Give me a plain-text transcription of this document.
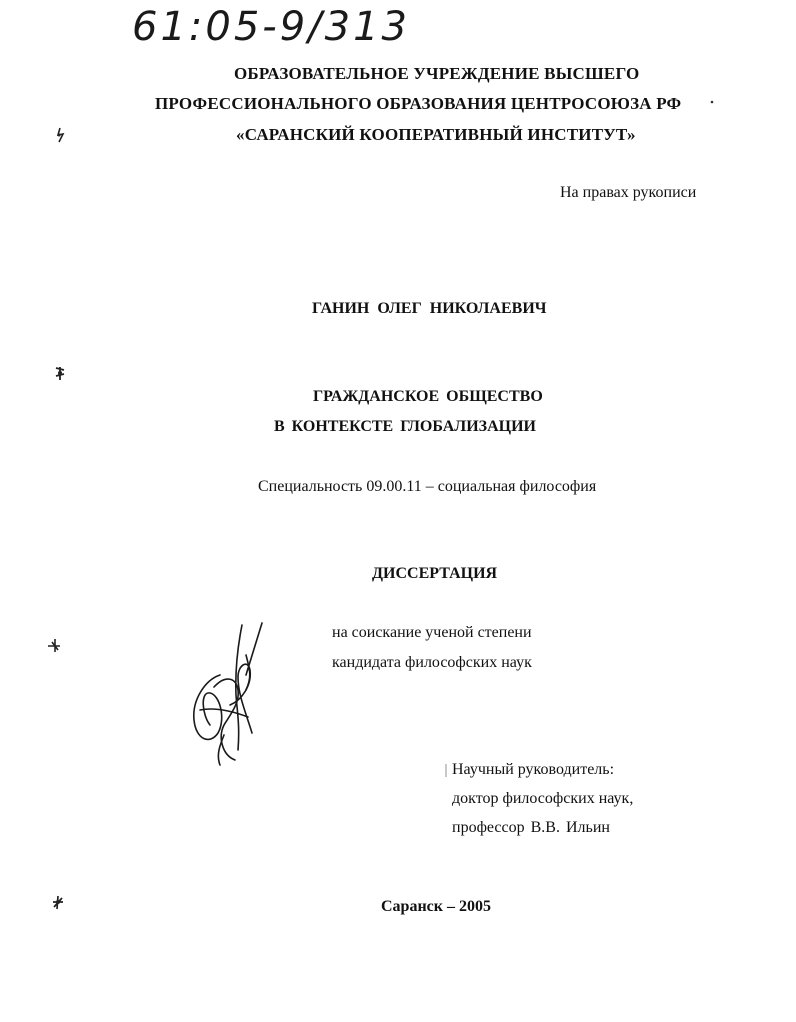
61:05-9/313
ОБРАЗОВАТЕЛЬНОЕ УЧРЕЖДЕНИЕ ВЫСШЕГО
ПРОФЕССИОНАЛЬНОГО ОБРАЗОВАНИЯ ЦЕНТРОСОЮЗА РФ
«САРАНСКИЙ КООПЕРАТИВНЫЙ ИНСТИТУТ»
На правах рукописи
ГАНИН ОЛЕГ НИКОЛАЕВИЧ
ГРАЖДАНСКОЕ ОБЩЕСТВО
В КОНТЕКСТЕ ГЛОБАЛИЗАЦИИ
Специальность 09.00.11 – социальная философия
ДИССЕРТАЦИЯ
на соискание ученой степени
кандидата философских наук
Научный руководитель:
доктор философских наук,
профессор В.В. Ильин
Саранск – 2005
